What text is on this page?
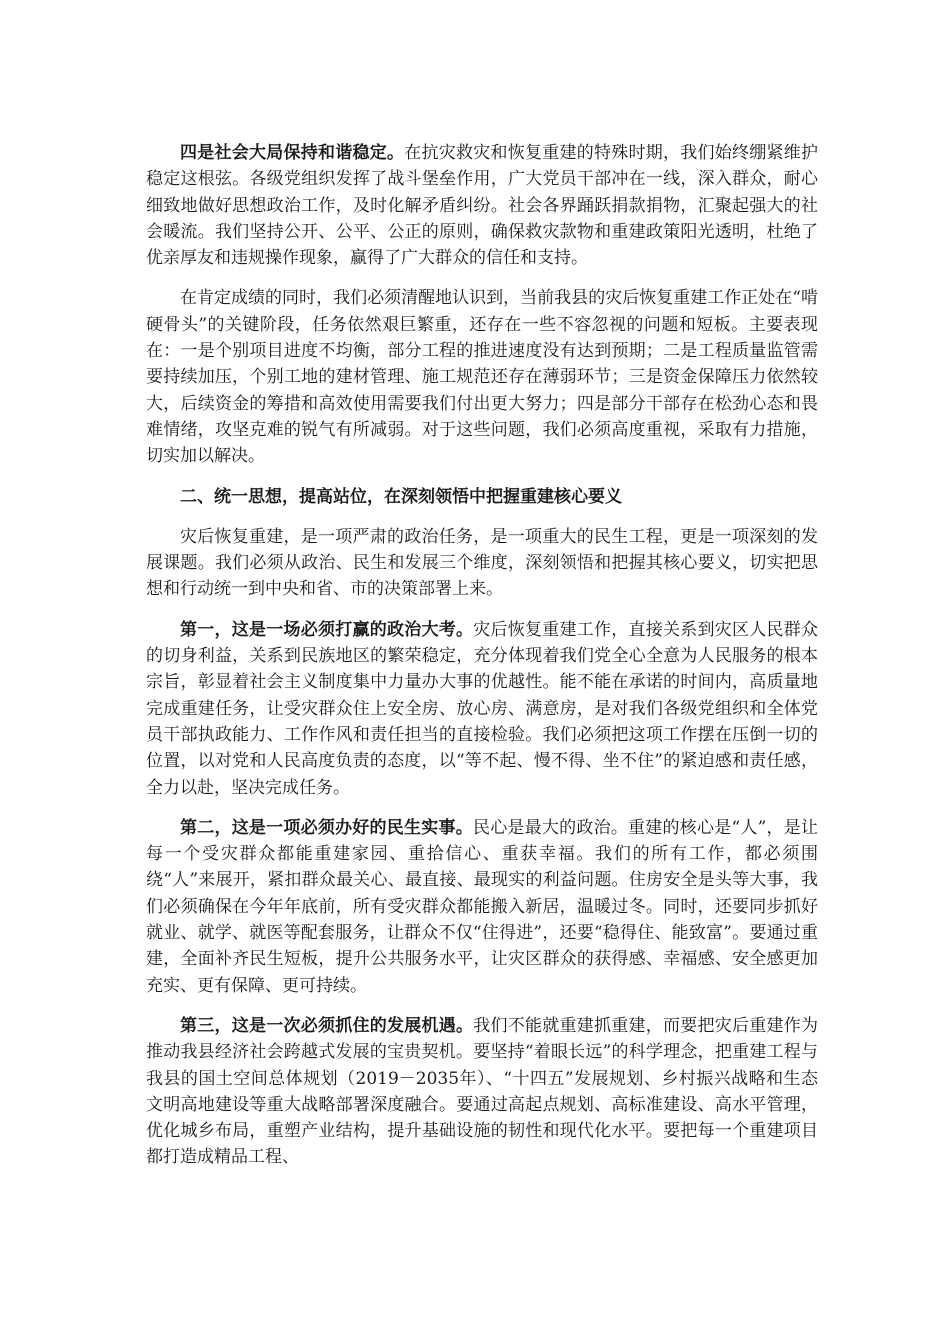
四是社会大局保持和谐稳定。在抗灾救灾和恢复重建的特殊时期，我们始终绷紧维护稳定这根弦。各级党组织发挥了战斗堡垒作用，广大党员干部冲在一线，深入群众，耐心细致地做好思想政治工作，及时化解矛盾纠纷。社会各界踊跃捐款捐物，汇聚起强大的社会暖流。我们坚持公开、公平、公正的原则，确保救灾款物和重建政策阳光透明，杜绝了优亲厚友和违规操作现象，赢得了广大群众的信任和支持。

在肯定成绩的同时，我们必须清醒地认识到，当前我县的灾后恢复重建工作正处在“啃硬骨头”的关键阶段，任务依然艰巨繁重，还存在一些不容忽视的问题和短板。主要表现在：一是个别项目进度不均衡，部分工程的推进速度没有达到预期；二是工程质量监管需要持续加压，个别工地的建材管理、施工规范还存在薄弱环节；三是资金保障压力依然较大，后续资金的筹措和高效使用需要我们付出更大努力；四是部分干部存在松劲心态和畏难情绪，攻坚克难的锐气有所减弱。对于这些问题，我们必须高度重视，采取有力措施，切实加以解决。

二、统一思想，提高站位，在深刻领悟中把握重建核心要义

灾后恢复重建，是一项严肃的政治任务，是一项重大的民生工程，更是一项深刻的发展课题。我们必须从政治、民生和发展三个维度，深刻领悟和把握其核心要义，切实把思想和行动统一到中央和省、市的决策部署上来。

第一，这是一场必须打赢的政治大考。灾后恢复重建工作，直接关系到灾区人民群众的切身利益，关系到民族地区的繁荣稳定，充分体现着我们党全心全意为人民服务的根本宗旨，彰显着社会主义制度集中力量办大事的优越性。能不能在承诺的时间内，高质量地完成重建任务，让受灾群众住上安全房、放心房、满意房，是对我们各级党组织和全体党员干部执政能力、工作作风和责任担当的直接检验。我们必须把这项工作摆在压倒一切的位置，以对党和人民高度负责的态度，以“等不起、慢不得、坐不住”的紧迫感和责任感，全力以赴，坚决完成任务。

第二，这是一项必须办好的民生实事。民心是最大的政治。重建的核心是“人”，是让每一个受灾群众都能重建家园、重拾信心、重获幸福。我们的所有工作，都必须围绕“人”来展开，紧扣群众最关心、最直接、最现实的利益问题。住房安全是头等大事，我们必须确保在今年年底前，所有受灾群众都能搬入新居，温暖过冬。同时，还要同步抓好就业、就学、就医等配套服务，让群众不仅“住得进”，还要“稳得住、能致富”。要通过重建，全面补齐民生短板，提升公共服务水平，让灾区群众的获得感、幸福感、安全感更加充实、更有保障、更可持续。

第三，这是一次必须抓住的发展机遇。我们不能就重建抓重建，而要把灾后重建作为推动我县经济社会跨越式发展的宝贵契机。要坚持“着眼长远”的科学理念，把重建工程与我县的国土空间总体规划（2019－2035年）、“十四五”发展规划、乡村振兴战略和生态文明高地建设等重大战略部署深度融合。要通过高起点规划、高标准建设、高水平管理，优化城乡布局，重塑产业结构，提升基础设施的韧性和现代化水平。要把每一个重建项目都打造成精品工程、
